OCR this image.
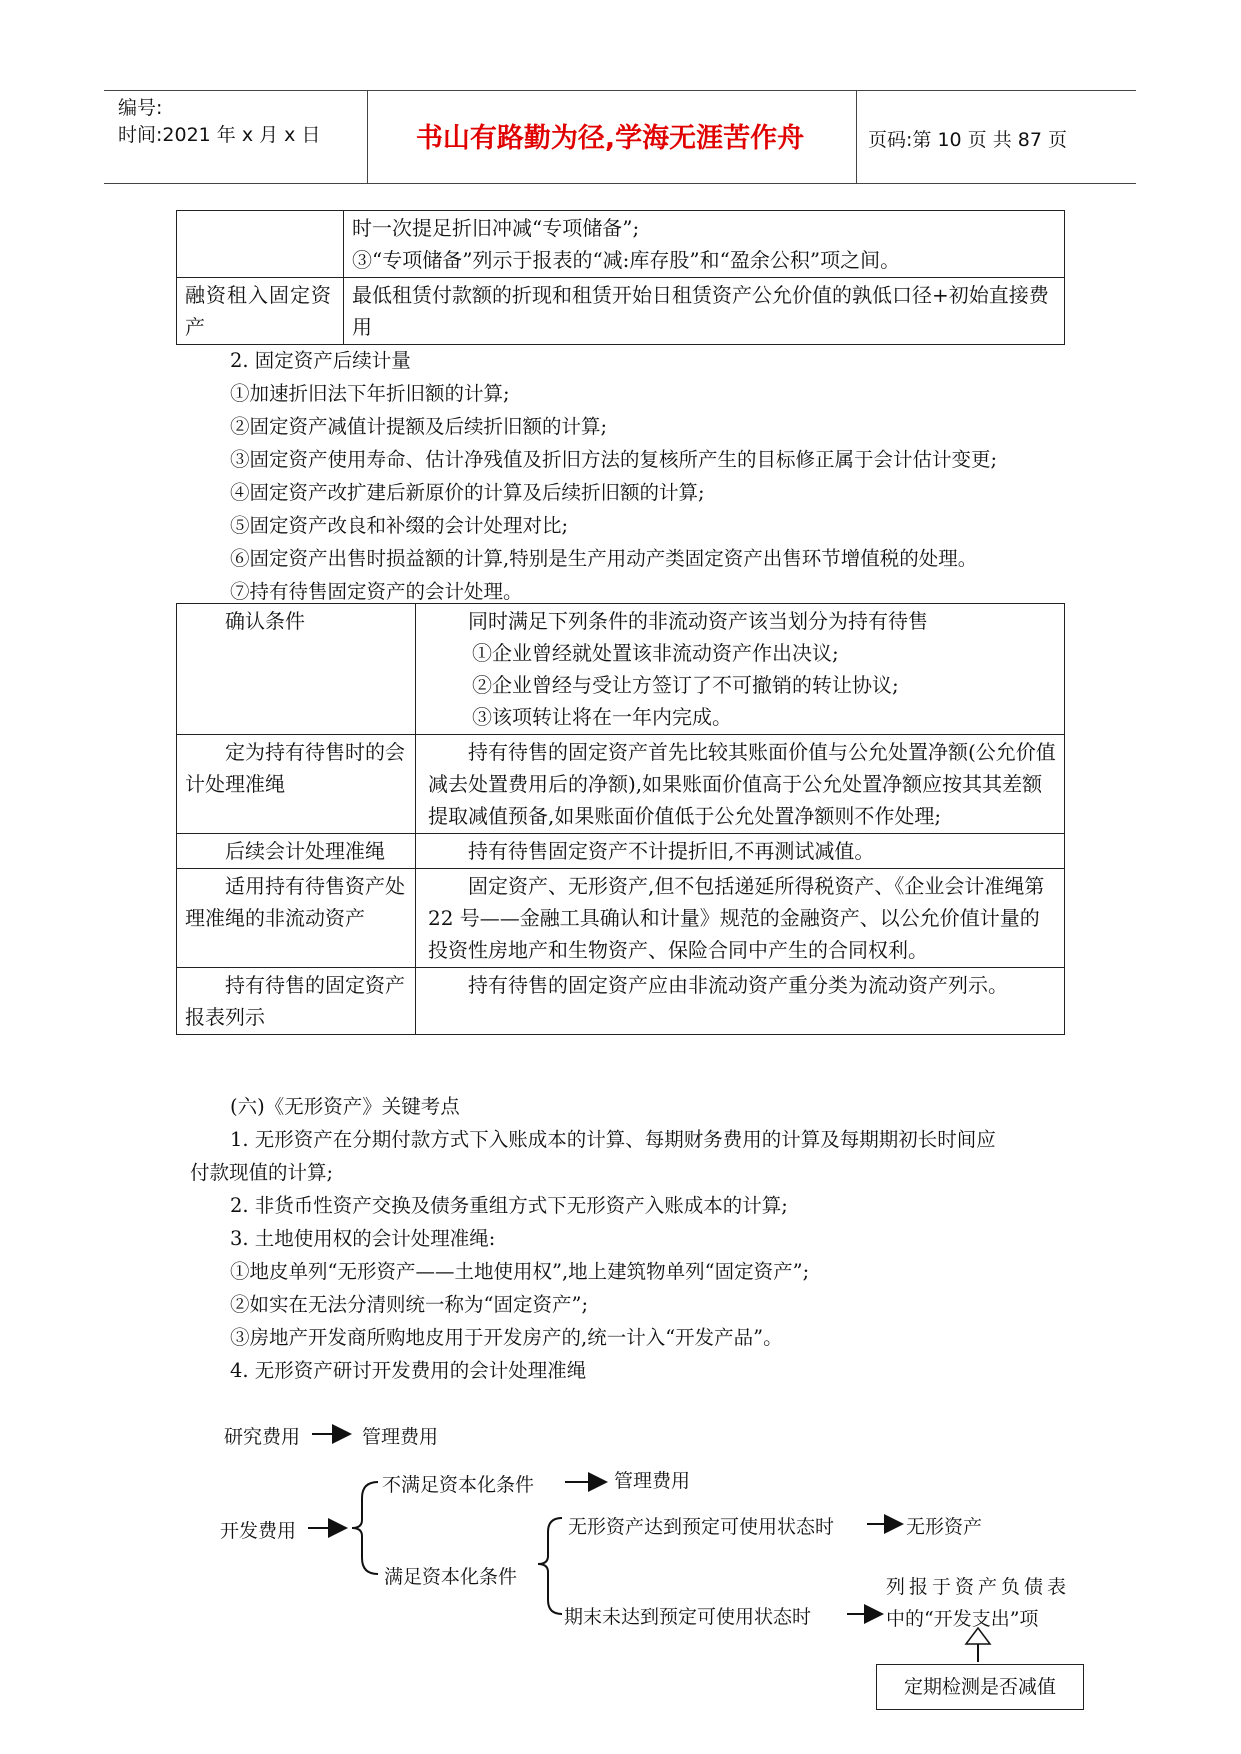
编号:
时间:2021 年 x 月 x 日	书山有路勤为径,学海无涯苦作舟	页码:第 10 页 共 87 页

	时一次提足折旧冲减“专项储备”;
③“专项储备”列示于报表的“减:库存股”和“盈余公积”项之间。

融资租入固定资产	最低租赁付款额的折现和租赁开始日租赁资产公允价值的孰低口径+初始直接费用
2. 固定资产后续计量
①加速折旧法下年折旧额的计算;
②固定资产减值计提额及后续折旧额的计算;
③固定资产使用寿命、估计净残值及折旧方法的复核所产生的目标修正属于会计估计变更;
④固定资产改扩建后新原价的计算及后续折旧额的计算;
⑤固定资产改良和补缀的会计处理对比;
⑥固定资产出售时损益额的计算,特别是生产用动产类固定资产出售环节增值税的处理。
⑦持有待售固定资产的会计处理。
确认条件	同时满足下列条件的非流动资产该当划分为持有待售
①企业曾经就处置该非流动资产作出决议;
②企业曾经与受让方签订了不可撤销的转让协议;
③该项转让将在一年内完成。

定为持有待售时的会计处理准绳	持有待售的固定资产首先比较其账面价值与公允处置净额(公允价值减去处置费用后的净额),如果账面价值高于公允处置净额应按其其差额提取减值预备,如果账面价值低于公允处置净额则不作处理;
后续会计处理准绳	持有待售固定资产不计提折旧,不再测试减值。
适用持有待售资产处理准绳的非流动资产	固定资产、无形资产,但不包括递延所得税资产、《企业会计准绳第 22 号——金融工具确认和计量》规范的金融资产、以公允价值计量的投资性房地产和生物资产、保险合同中产生的合同权利。
持有待售的固定资产报表列示	持有待售的固定资产应由非流动资产重分类为流动资产列示。
(六)《无形资产》关键考点
1. 无形资产在分期付款方式下入账成本的计算、每期财务费用的计算及每期期初长时间应
付款现值的计算;
2. 非货币性资产交换及债务重组方式下无形资产入账成本的计算;
3. 土地使用权的会计处理准绳:
①地皮单列“无形资产——土地使用权”,地上建筑物单列“固定资产”;
②如实在无法分清则统一称为“固定资产”;
③房地产开发商所购地皮用于开发房产的,统一计入“开发产品”。
4. 无形资产研讨开发费用的会计处理准绳
研究费用	管理费用
开发费用
不满足资本化条件	管理费用
满足资本化条件
无形资产达到预定可使用状态时	无形资产
期末未达到预定可使用状态时
列报于资产负债表
中的“开发支出”项
定期检测是否减值
